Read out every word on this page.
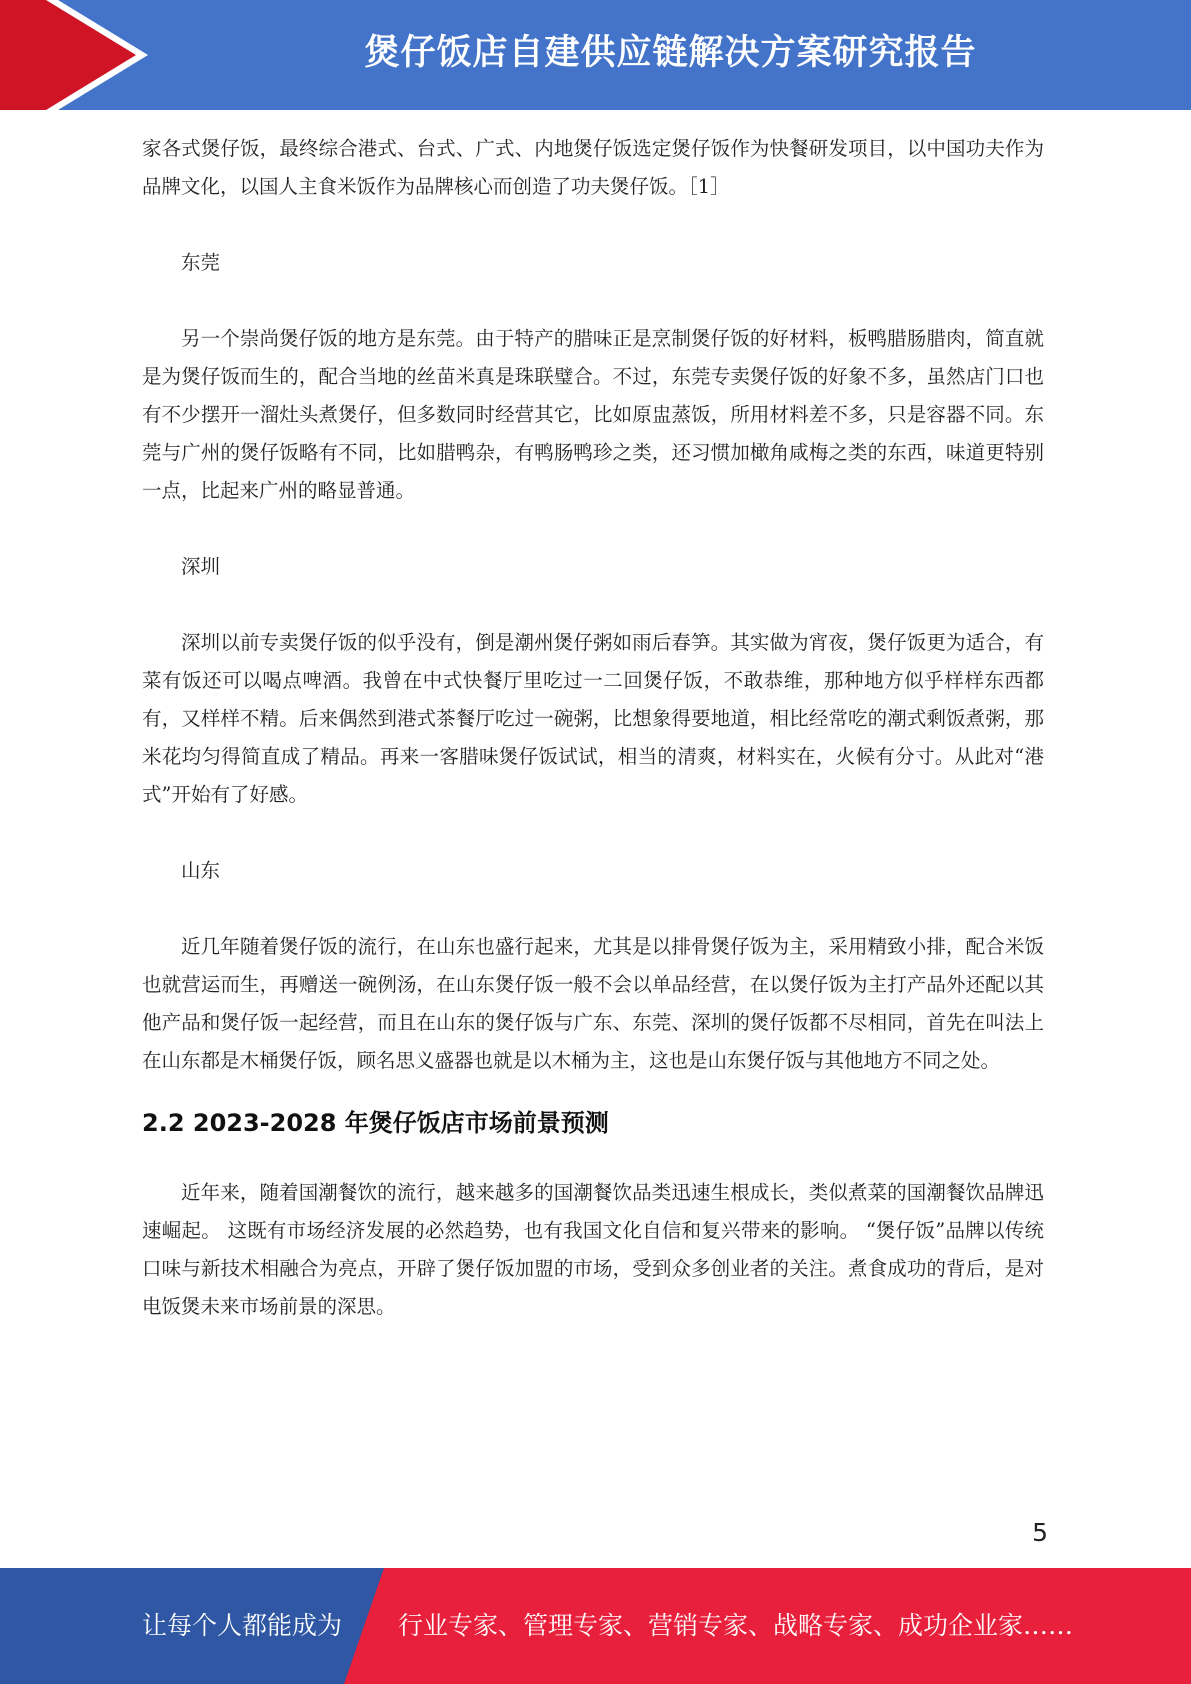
煲仔饭店自建供应链解决方案研究报告

家各式煲仔饭，最终综合港式、台式、广式、内地煲仔饭选定煲仔饭作为快餐研发项目，以中国功夫作为品牌文化，以国人主食米饭作为品牌核心而创造了功夫煲仔饭。［1］

东莞

另一个崇尚煲仔饭的地方是东莞。由于特产的腊味正是烹制煲仔饭的好材料，板鸭腊肠腊肉，简直就是为煲仔饭而生的，配合当地的丝苗米真是珠联璧合。不过，东莞专卖煲仔饭的好象不多，虽然店门口也有不少摆开一溜灶头煮煲仔，但多数同时经营其它，比如原盅蒸饭，所用材料差不多，只是容器不同。东莞与广州的煲仔饭略有不同，比如腊鸭杂，有鸭肠鸭珍之类，还习惯加橄角咸梅之类的东西，味道更特别一点，比起来广州的略显普通。

深圳

深圳以前专卖煲仔饭的似乎没有，倒是潮州煲仔粥如雨后春笋。其实做为宵夜，煲仔饭更为适合，有菜有饭还可以喝点啤酒。我曾在中式快餐厅里吃过一二回煲仔饭，不敢恭维，那种地方似乎样样东西都有，又样样不精。后来偶然到港式茶餐厅吃过一碗粥，比想象得要地道，相比经常吃的潮式剩饭煮粥，那米花均匀得简直成了精品。再来一客腊味煲仔饭试试，相当的清爽，材料实在，火候有分寸。从此对“港式”开始有了好感。

山东

近几年随着煲仔饭的流行，在山东也盛行起来，尤其是以排骨煲仔饭为主，采用精致小排，配合米饭也就营运而生，再赠送一碗例汤，在山东煲仔饭一般不会以单品经营，在以煲仔饭为主打产品外还配以其他产品和煲仔饭一起经营，而且在山东的煲仔饭与广东、东莞、深圳的煲仔饭都不尽相同，首先在叫法上在山东都是木桶煲仔饭，顾名思义盛器也就是以木桶为主，这也是山东煲仔饭与其他地方不同之处。

2.2 2023-2028 年煲仔饭店市场前景预测

近年来，随着国潮餐饮的流行，越来越多的国潮餐饮品类迅速生根成长，类似煮菜的国潮餐饮品牌迅速崛起。 这既有市场经济发展的必然趋势，也有我国文化自信和复兴带来的影响。 “煲仔饭”品牌以传统口味与新技术相融合为亮点，开辟了煲仔饭加盟的市场，受到众多创业者的关注。煮食成功的背后，是对电饭煲未来市场前景的深思。

5
让每个人都能成为 行业专家、管理专家、营销专家、战略专家、成功企业家……
